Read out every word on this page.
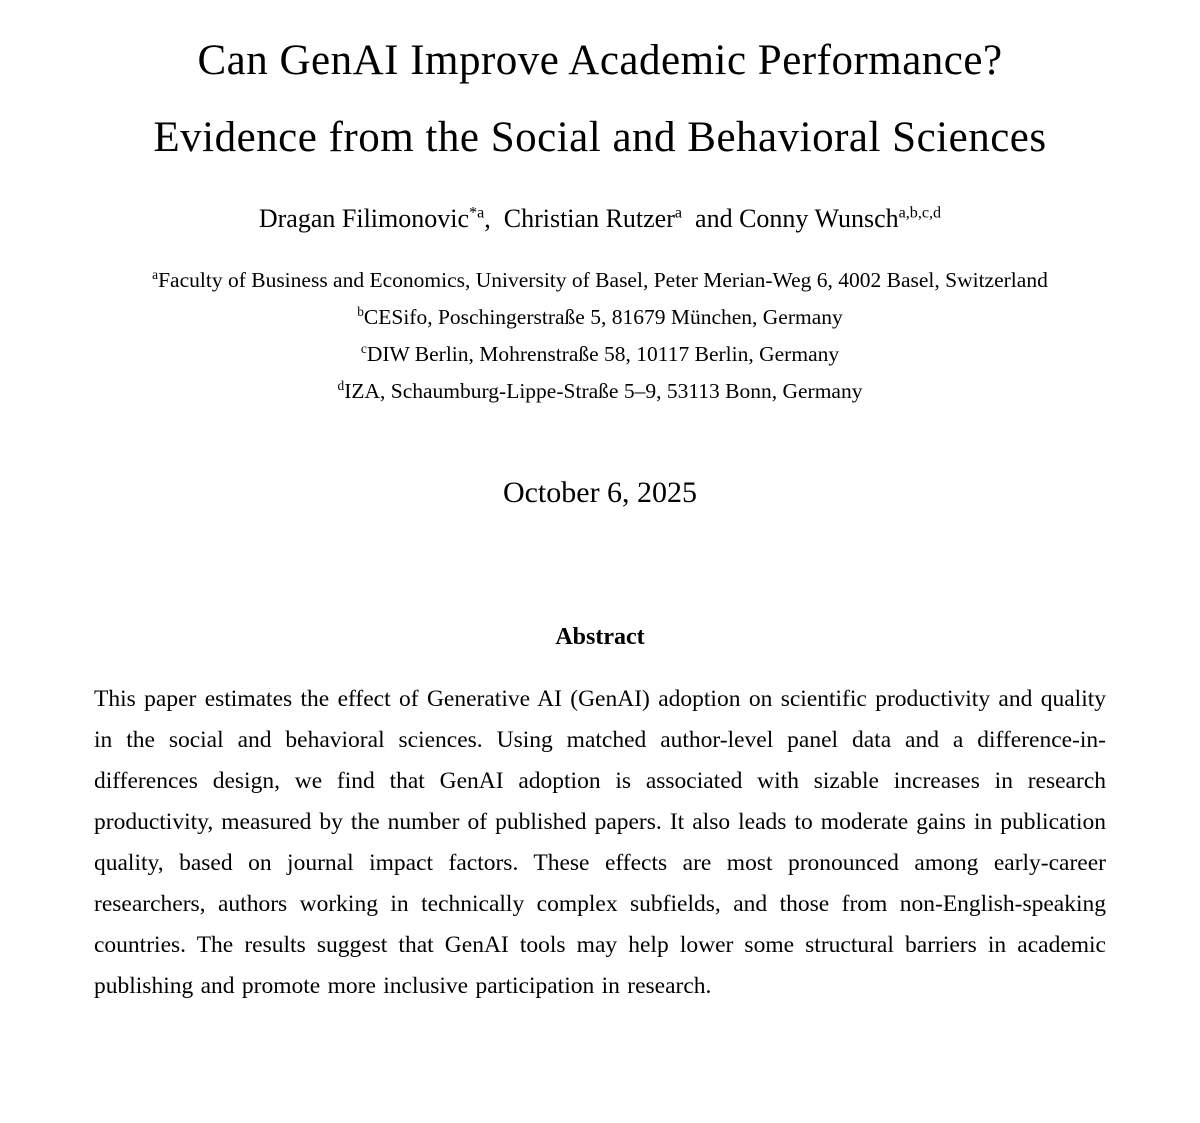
Can GenAI Improve Academic Performance?
Evidence from the Social and Behavioral Sciences
Dragan Filimonovic$^{*a}$,  Christian Rutzer$^a$  and Conny Wunsch$^{a,b,c,d}$
$^a$Faculty of Business and Economics, University of Basel, Peter Merian-Weg 6, 4002 Basel, Switzerland
$^b$CESifo, Poschingerstraße 5, 81679 München, Germany
$^c$DIW Berlin, Mohrenstraße 58, 10117 Berlin, Germany
$^d$IZA, Schaumburg-Lippe-Straße 5–9, 53113 Bonn, Germany
October 6, 2025
Abstract
This paper estimates the effect of Generative AI (GenAI) adoption on scientific productivity and quality in the social and behavioral sciences. Using matched author-level panel data and a difference-in-differences design, we find that GenAI adoption is associated with sizable increases in research productivity, measured by the number of published papers. It also leads to moderate gains in publication quality, based on journal impact factors. These effects are most pronounced among early-career researchers, authors working in technically complex subfields, and those from non-English-speaking countries. The results suggest that GenAI tools may help lower some structural barriers in academic publishing and promote more inclusive participation in research.
